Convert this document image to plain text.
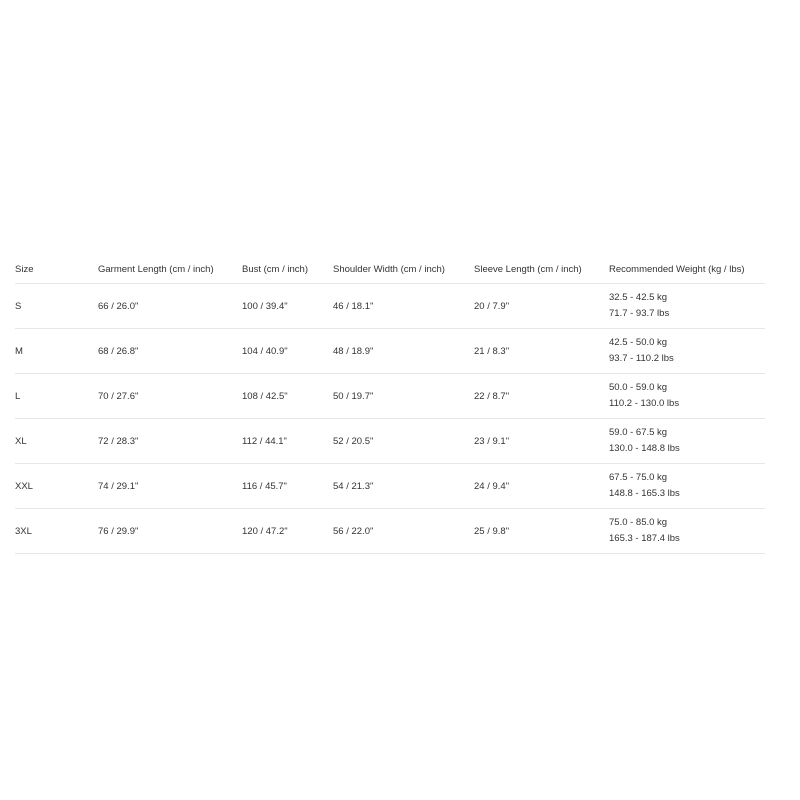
Size	Garment Length (cm / inch)	Bust (cm / inch)	Shoulder Width (cm / inch)	Sleeve Length (cm / inch)	Recommended Weight (kg / lbs)
S	66 / 26.0"	100 / 39.4"	46 / 18.1"	20 / 7.9"	32.5 - 42.5 kg
71.7 - 93.7 lbs

M	68 / 26.8"	104 / 40.9"	48 / 18.9"	21 / 8.3"	42.5 - 50.0 kg
93.7 - 110.2 lbs

L	70 / 27.6"	108 / 42.5"	50 / 19.7"	22 / 8.7"	50.0 - 59.0 kg
110.2 - 130.0 lbs

XL	72 / 28.3"	112 / 44.1"	52 / 20.5"	23 / 9.1"	59.0 - 67.5 kg
130.0 - 148.8 lbs

XXL	74 / 29.1"	116 / 45.7"	54 / 21.3"	24 / 9.4"	67.5 - 75.0 kg
148.8 - 165.3 lbs

3XL	76 / 29.9"	120 / 47.2"	56 / 22.0"	25 / 9.8"	75.0 - 85.0 kg
165.3 - 187.4 lbs
